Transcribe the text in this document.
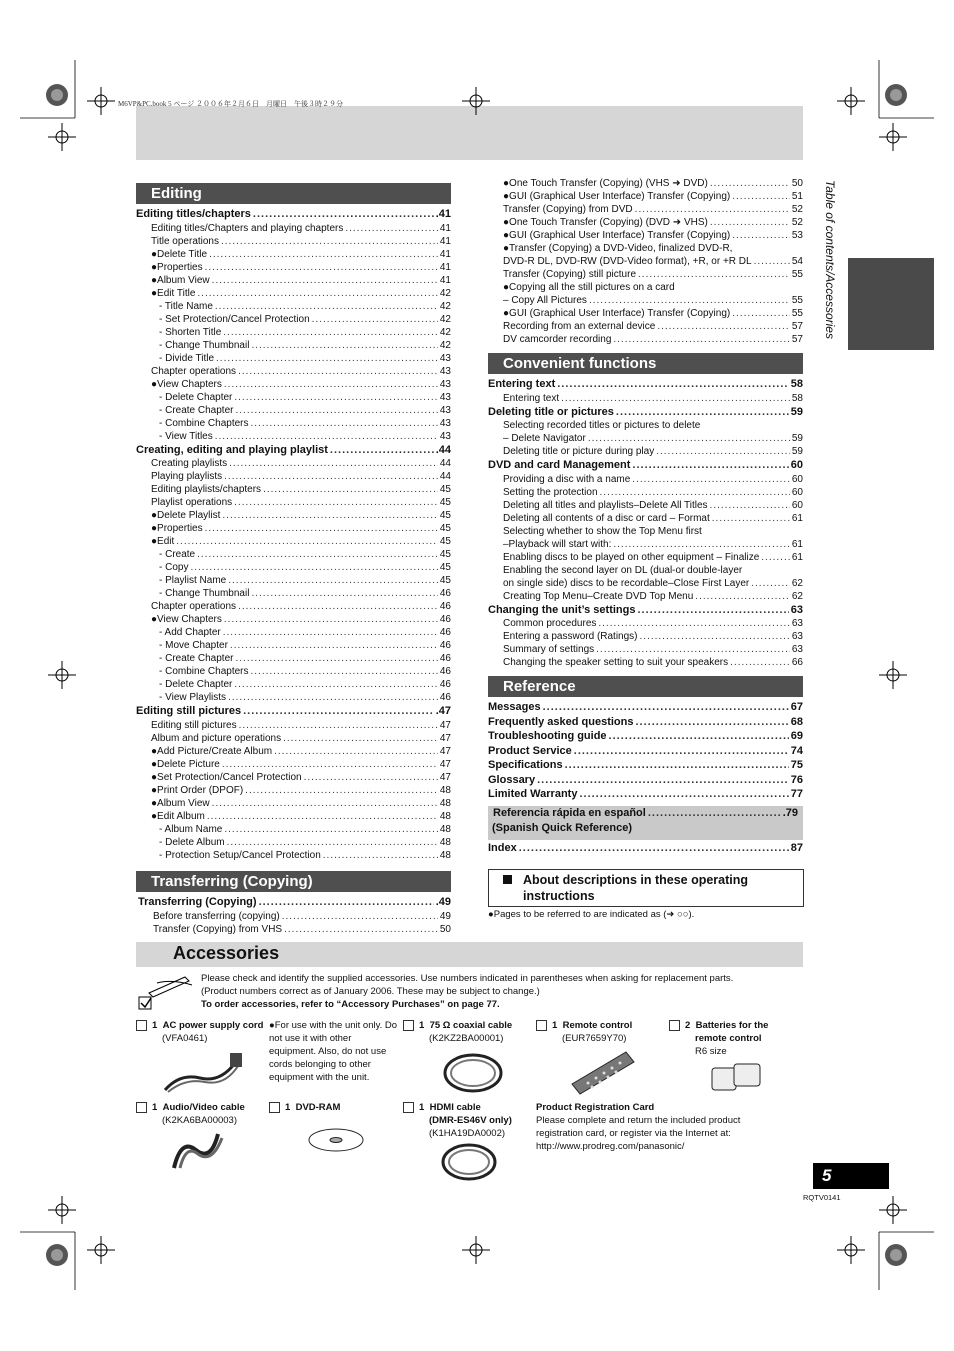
M6VP&PC.book 5 ページ ２００６年２月６日　月曜日　午後３時２９分
Table of contents/Accessories
Editing
Editing titles/chapters .....	.41
Editing titles/Chapters and playing chapters .....	41
Title operations .....	41
●Delete Title .....	41
●Properties .....	41
●Album View .....	41
●Edit Title .....	42
- Title Name .....	42
- Set Protection/Cancel Protection .....	42
- Shorten Title .....	42
- Change Thumbnail .....	42
- Divide Title .....	43
Chapter operations .....	43
●View Chapters .....	43
- Delete Chapter .....	43
- Create Chapter .....	43
- Combine Chapters .....	43
- View Titles .....	43
Creating, editing and playing playlist .....	.44
Creating playlists .....	44
Playing playlists .....	44
Editing playlists/chapters .....	45
Playlist operations .....	45
●Delete Playlist .....	45
●Properties .....	45
●Edit .....	45
- Create .....	45
- Copy .....	45
- Playlist Name .....	45
- Change Thumbnail .....	46
Chapter operations .....	46
●View Chapters .....	46
- Add Chapter .....	46
- Move Chapter .....	46
- Create Chapter .....	46
- Combine Chapters .....	46
- Delete Chapter .....	46
- View Playlists .....	46
Editing still pictures .....	.47
Editing still pictures .....	47
Album and picture operations .....	47
●Add Picture/Create Album .....	47
●Delete Picture .....	47
●Set Protection/Cancel Protection .....	47
●Print Order (DPOF) .....	48
●Album View .....	48
●Edit Album .....	48
- Album Name .....	48
- Delete Album .....	48
- Protection Setup/Cancel Protection .....	48
Transferring (Copying)
Transferring (Copying) .....	.49
Before transferring (copying) .....	49
Transfer (Copying) from VHS .....	50
●One Touch Transfer (Copying) (VHS ➜ DVD) .....	50
●GUI (Graphical User Interface) Transfer (Copying) .....	51
Transfer (Copying) from DVD .....	52
●One Touch Transfer (Copying) (DVD ➜ VHS) .....	52
●GUI (Graphical User Interface) Transfer (Copying) .....	53
●Transfer (Copying) a DVD-Video, finalized DVD-R,
DVD-R DL, DVD-RW (DVD-Video format), +R, or +R DL .....	54
Transfer (Copying) still picture .....	55
●Copying all the still pictures on a card
– Copy All Pictures .....	55
●GUI (Graphical User Interface) Transfer (Copying) .....	55
Recording from an external device .....	57
DV camcorder recording .....	57
Convenient functions
Entering text .....	58
Entering text .....	58
Deleting title or pictures .....	59
Selecting recorded titles or pictures to delete
– Delete Navigator .....	59
Deleting title or picture during play .....	59
DVD and card Management .....	60
Providing a disc with a name .....	60
Setting the protection .....	60
Deleting all titles and playlists–Delete All Titles .....	60
Deleting all contents of a disc or card – Format .....	61
Selecting whether to show the Top Menu first
–Playback will start with: .....	61
Enabling discs to be played on other equipment – Finalize .....	61
Enabling the second layer on DL (dual-or double-layer
on single side) discs to be recordable–Close First Layer .....	62
Creating Top Menu–Create DVD Top Menu .....	62
Changing the unit’s settings .....	63
Common procedures .....	63
Entering a password (Ratings) .....	63
Summary of settings .....	63
Changing the speaker setting to suit your speakers .....	66
Reference
Messages .....	67
Frequently asked questions .....	68
Troubleshooting guide .....	69
Product Service .....	74
Specifications .....	75
Glossary .....	76
Limited Warranty .....	77
Referencia rápida en español .....	.79
(Spanish Quick Reference)
Index .....	87
About descriptions in these operating
instructions
●Pages to be referred to are indicated as (➜ ○○).
Accessories
Please check and identify the supplied accessories. Use numbers indicated in parentheses when asking for replacement parts.
(Product numbers correct as of January 2006. These may be subject to change.)
To order accessories, refer to “Accessory Purchases” on page 77.
1 AC power supply cord
(VFA0461)
●For use with the unit only. Do not use it with other equipment. Also, do not use cords belonging to other equipment with the unit.
1 75 Ω coaxial cable
(K2KZ2BA00001)
1 Remote control
(EUR7659Y70)
2 Batteries for the
remote control
R6 size
1 Audio/Video cable
(K2KA6BA00003)
1 DVD-RAM	1 HDMI cable
(DMR-ES46V only)
(K1HA19DA0002)
Product Registration Card
Please complete and return the included product registration card, or register via the Internet at: http://www.prodreg.com/panasonic/
5
RQTV0141
